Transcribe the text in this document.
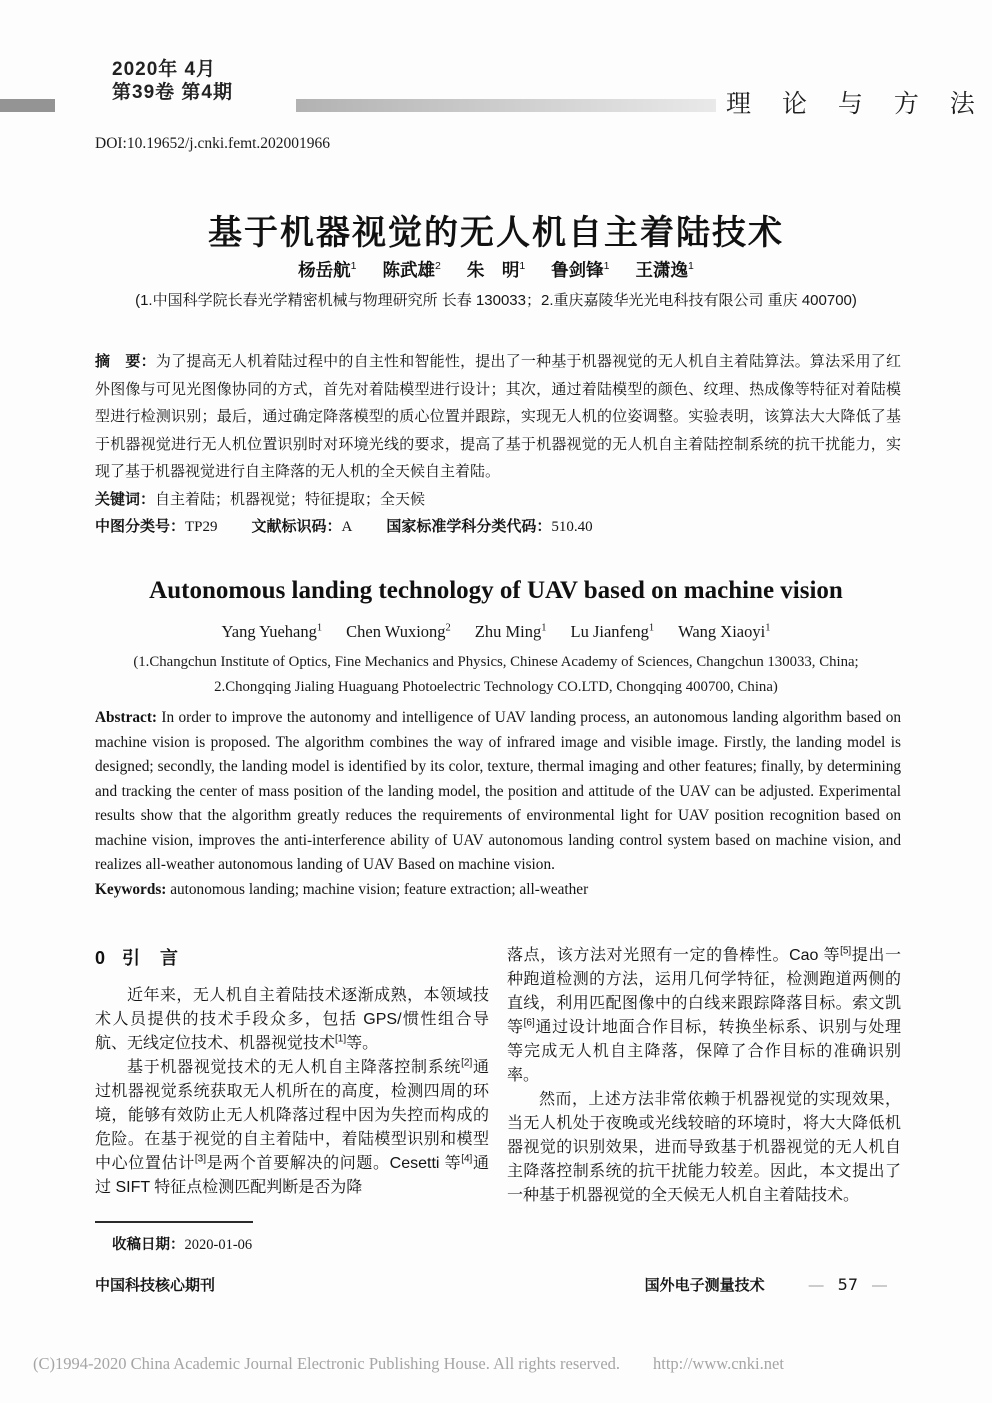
2020年 4月
第39卷 第4期	理 论 与 方 法
DOI:10.19652/j.cnki.femt.202001966
基于机器视觉的无人机自主着陆技术
杨岳航$^1$ 陈武雄$^2$ 朱　明$^1$ 鲁剑锋$^1$ 王潇逸$^1$
(1.中国科学院长春光学精密机械与物理研究所 长春 130033；2.重庆嘉陵华光光电科技有限公司 重庆 400700)

摘　要：为了提高无人机着陆过程中的自主性和智能性，提出了一种基于机器视觉的无人机自主着陆算法。算法采用了红外图像与可见光图像协同的方式，首先对着陆模型进行设计；其次，通过着陆模型的颜色、纹理、热成像等特征对着陆模型进行检测识别；最后，通过确定降落模型的质心位置并跟踪，实现无人机的位姿调整。实验表明，该算法大大降低了基于机器视觉进行无人机位置识别时对环境光线的要求，提高了基于机器视觉的无人机自主着陆控制系统的抗干扰能力，实现了基于机器视觉进行自主降落的无人机的全天候自主着陆。

关键词：自主着陆；机器视觉；特征提取；全天候

中图分类号：TP29 文献标识码：A 国家标准学科分类代码：510.40

Autonomous landing technology of UAV based on machine vision
Yang Yuehang$^1$ Chen Wuxiong$^2$ Zhu Ming$^1$ Lu Jianfeng$^1$ Wang Xiaoyi$^1$
(1.Changchun Institute of Optics, Fine Mechanics and Physics, Chinese Academy of Sciences, Changchun 130033, China;
2.Chongqing Jialing Huaguang Photoelectric Technology CO.LTD, Chongqing 400700, China)

Abstract: In order to improve the autonomy and intelligence of UAV landing process, an autonomous landing algorithm based on machine vision is proposed. The algorithm combines the way of infrared image and visible image. Firstly, the landing model is designed; secondly, the landing model is identified by its color, texture, thermal imaging and other features; finally, by determining and tracking the center of mass position of the landing model, the position and attitude of the UAV can be adjusted. Experimental results show that the algorithm greatly reduces the requirements of environmental light for UAV position recognition based on machine vision, improves the anti-interference ability of UAV autonomous landing control system based on machine vision, and realizes all-weather autonomous landing of UAV Based on machine vision.

Keywords: autonomous landing; machine vision; feature extraction; all-weather

0 引　言

近年来，无人机自主着陆技术逐渐成熟，本领域技术人员提供的技术手段众多，包括 GPS/惯性组合导航、无线定位技术、机器视觉技术[1]等。

基于机器视觉技术的无人机自主降落控制系统[2]通过机器视觉系统获取无人机所在的高度，检测四周的环境，能够有效防止无人机降落过程中因为失控而构成的危险。在基于视觉的自主着陆中，着陆模型识别和模型中心位置估计[3]是两个首要解决的问题。Cesetti 等[4]通过 SIFT 特征点检测匹配判断是否为降

落点，该方法对光照有一定的鲁棒性。Cao 等[5]提出一种跑道检测的方法，运用几何学特征，检测跑道两侧的直线，利用匹配图像中的白线来跟踪降落目标。索文凯等[6]通过设计地面合作目标，转换坐标系、识别与处理等完成无人机自主降落，保障了合作目标的准确识别率。

然而，上述方法非常依赖于机器视觉的实现效果，当无人机处于夜晚或光线较暗的环境时，将大大降低机器视觉的识别效果，进而导致基于机器视觉的无人机自主降落控制系统的抗干扰能力较差。因此，本文提出了一种基于机器视觉的全天候无人机自主着陆技术。

收稿日期：2020-01-06
中国科技核心期刊	国外电子测量技术	— 57 —
(C)1994-2020 China Academic Journal Electronic Publishing House. All rights reserved.　　http://www.cnki.net
